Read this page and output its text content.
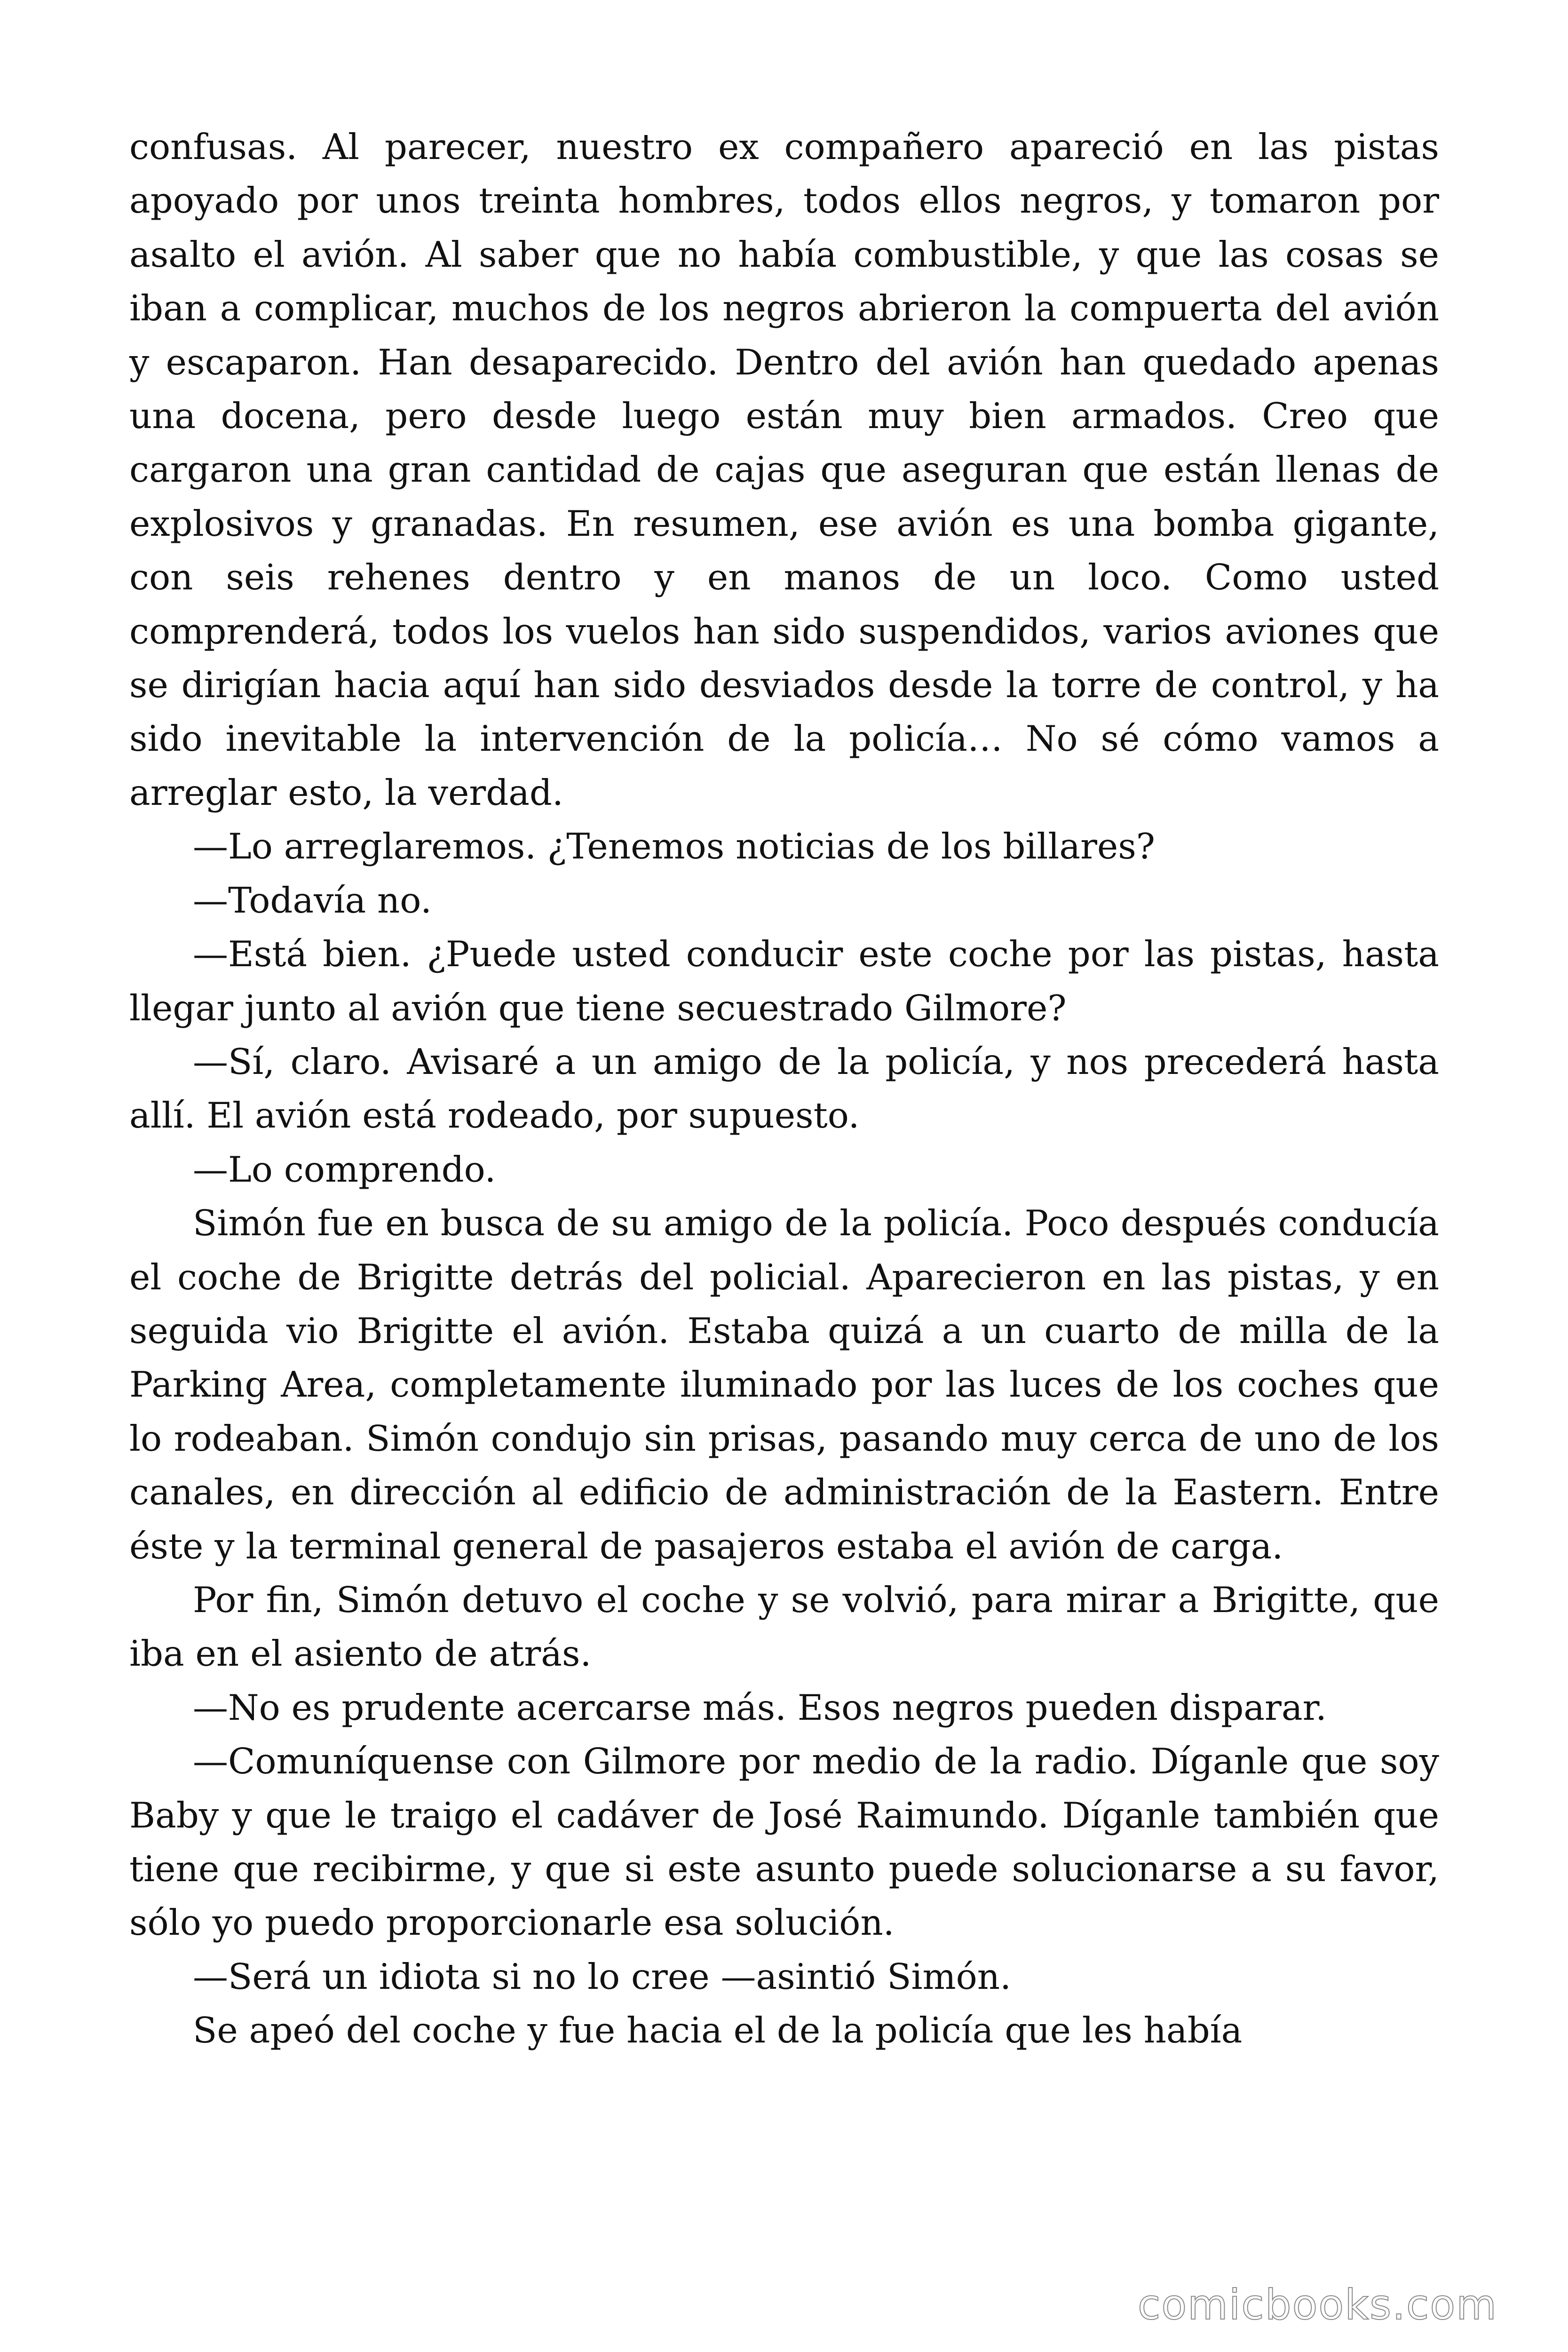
confusas. Al parecer, nuestro ex compañero apareció en las pistas apoyado por unos treinta hombres, todos ellos negros, y tomaron por asalto el avión. Al saber que no había combustible, y que las cosas se iban a complicar, muchos de los negros abrieron la compuerta del avión y escaparon. Han desaparecido. Dentro del avión han quedado apenas una docena, pero desde luego están muy bien armados. Creo que cargaron una gran cantidad de cajas que aseguran que están llenas de explosivos y granadas. En resumen, ese avión es una bomba gigante, con seis rehenes dentro y en manos de un loco. Como usted comprenderá, todos los vuelos han sido suspendidos, varios aviones que se dirigían hacia aquí han sido desviados desde la torre de control, y ha sido inevitable la intervención de la policía… No sé cómo vamos a arreglar esto, la verdad.

—Lo arreglaremos. ¿Tenemos noticias de los billares?

—Todavía no.

—Está bien. ¿Puede usted conducir este coche por las pistas, hasta llegar junto al avión que tiene secuestrado Gilmore?

—Sí, claro. Avisaré a un amigo de la policía, y nos precederá hasta allí. El avión está rodeado, por supuesto.

—Lo comprendo.

Simón fue en busca de su amigo de la policía. Poco después conducía el coche de Brigitte detrás del policial. Aparecieron en las pistas, y en seguida vio Brigitte el avión. Estaba quizá a un cuarto de milla de la Parking Area, completamente iluminado por las luces de los coches que lo rodeaban. Simón condujo sin prisas, pasando muy cerca de uno de los canales, en dirección al edificio de administración de la Eastern. Entre éste y la terminal general de pasajeros estaba el avión de carga.

Por fin, Simón detuvo el coche y se volvió, para mirar a Brigitte, que iba en el asiento de atrás.

—No es prudente acercarse más. Esos negros pueden disparar.

—Comuníquense con Gilmore por medio de la radio. Díganle que soy Baby y que le traigo el cadáver de José Raimundo. Díganle también que tiene que recibirme, y que si este asunto puede solucionarse a su favor, sólo yo puedo proporcionarle esa solución.

—Será un idiota si no lo cree —asintió Simón.

Se apeó del coche y fue hacia el de la policía que les había

comicbooks.com
